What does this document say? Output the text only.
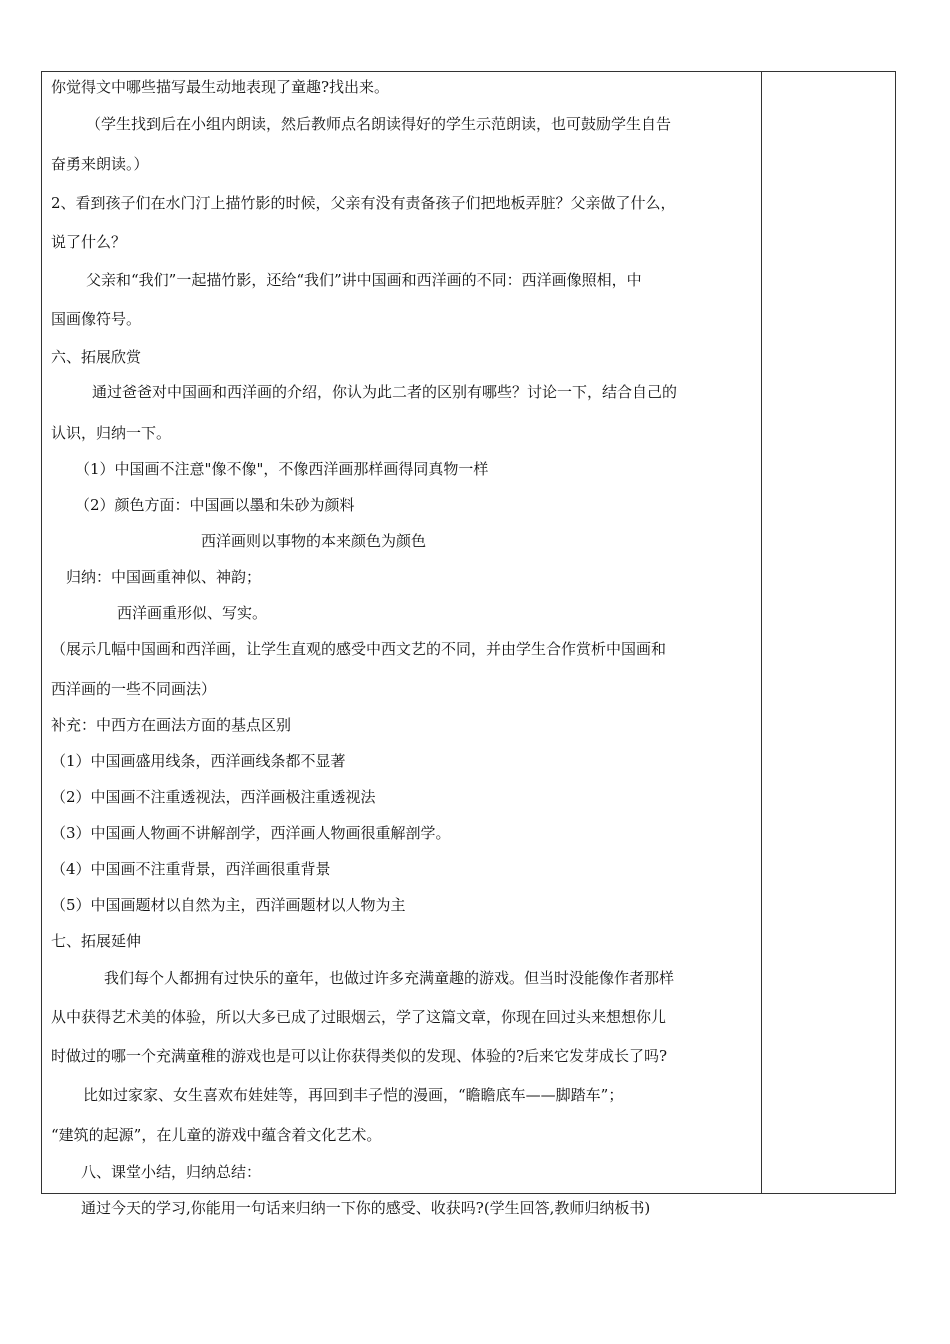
你觉得文中哪些描写最生动地表现了童趣?找出来。
（学生找到后在小组内朗读，然后教师点名朗读得好的学生示范朗读，也可鼓励学生自告
奋勇来朗读。）
2、看到孩子们在水门汀上描竹影的时候，父亲有没有责备孩子们把地板弄脏？父亲做了什么，
说了什么？
父亲和“我们”一起描竹影，还给“我们”讲中国画和西洋画的不同：西洋画像照相，中
国画像符号。
六、拓展欣赏
通过爸爸对中国画和西洋画的介绍，你认为此二者的区别有哪些？讨论一下，结合自己的
认识，归纳一下。
（1）中国画不注意"像不像"，不像西洋画那样画得同真物一样
（2）颜色方面：中国画以墨和朱砂为颜料
西洋画则以事物的本来颜色为颜色
归纳：中国画重神似、神韵；
西洋画重形似、写实。
（展示几幅中国画和西洋画，让学生直观的感受中西文艺的不同，并由学生合作赏析中国画和
西洋画的一些不同画法）
补充：中西方在画法方面的基点区别
（1）中国画盛用线条，西洋画线条都不显著
（2）中国画不注重透视法，西洋画极注重透视法
（3）中国画人物画不讲解剖学，西洋画人物画很重解剖学。
（4）中国画不注重背景，西洋画很重背景
（5）中国画题材以自然为主，西洋画题材以人物为主
七、拓展延伸
我们每个人都拥有过快乐的童年，也做过许多充满童趣的游戏。但当时没能像作者那样
从中获得艺术美的体验，所以大多已成了过眼烟云，学了这篇文章，你现在回过头来想想你儿
时做过的哪一个充满童稚的游戏也是可以让你获得类似的发现、体验的?后来它发芽成长了吗?
比如过家家、女生喜欢布娃娃等，再回到丰子恺的漫画，“瞻瞻底车——脚踏车”；
“建筑的起源”，在儿童的游戏中蕴含着文化艺术。
八、课堂小结，归纳总结：
通过今天的学习,你能用一句话来归纳一下你的感受、收获吗?(学生回答,教师归纳板书)
